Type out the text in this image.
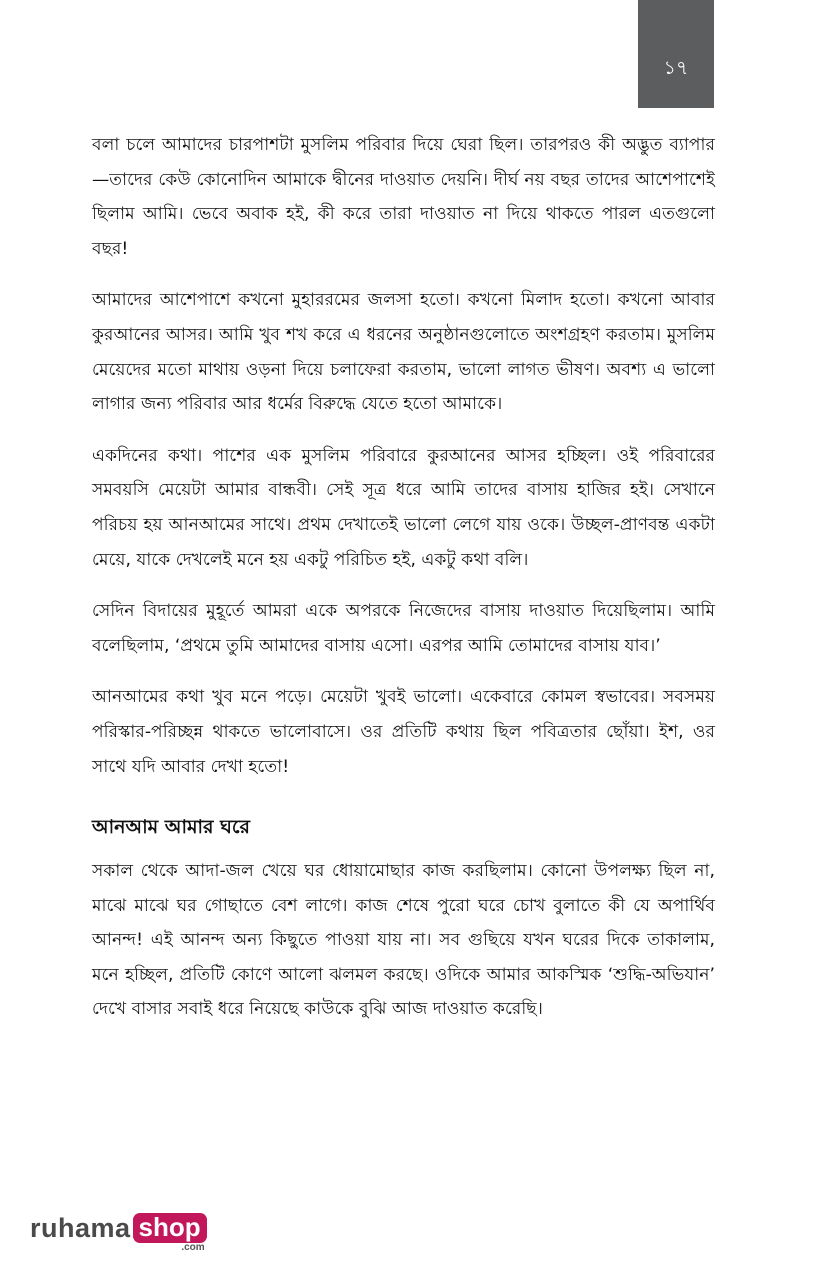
১৭

বলা চলে আমাদের চারপাশটা মুসলিম পরিবার দিয়ে ঘেরা ছিল। তারপরও কী অদ্ভুত ব্যাপার—তাদের কেউ কোনোদিন আমাকে দ্বীনের দাওয়াত দেয়নি। দীর্ঘ নয় বছর তাদের আশেপাশেই ছিলাম আমি। ভেবে অবাক হই, কী করে তারা দাওয়াত না দিয়ে থাকতে পারল এতগুলো বছর!

আমাদের আশেপাশে কখনো মুহাররমের জলসা হতো। কখনো মিলাদ হতো। কখনো আবার কুরআনের আসর। আমি খুব শখ করে এ ধরনের অনুষ্ঠানগুলোতে অংশগ্রহণ করতাম। মুসলিম মেয়েদের মতো মাথায় ওড়না দিয়ে চলাফেরা করতাম, ভালো লাগত ভীষণ। অবশ্য এ ভালো লাগার জন্য পরিবার আর ধর্মের বিরুদ্ধে যেতে হতো আমাকে।

একদিনের কথা। পাশের এক মুসলিম পরিবারে কুরআনের আসর হচ্ছিল। ওই পরিবারের সমবয়সি মেয়েটা আমার বান্ধবী। সেই সূত্র ধরে আমি তাদের বাসায় হাজির হই। সেখানে পরিচয় হয় আনআমের সাথে। প্রথম দেখাতেই ভালো লেগে যায় ওকে। উচ্ছল-প্রাণবন্ত একটা মেয়ে, যাকে দেখলেই মনে হয় একটু পরিচিত হই, একটু কথা বলি।

সেদিন বিদায়ের মুহূর্তে আমরা একে অপরকে নিজেদের বাসায় দাওয়াত দিয়েছিলাম। আমি বলেছিলাম, ‘প্রথমে তুমি আমাদের বাসায় এসো। এরপর আমি তোমাদের বাসায় যাব।’

আনআমের কথা খুব মনে পড়ে। মেয়েটা খুবই ভালো। একেবারে কোমল স্বভাবের। সবসময় পরিস্কার-পরিচ্ছন্ন থাকতে ভালোবাসে। ওর প্রতিটি কথায় ছিল পবিত্রতার ছোঁয়া। ইশ, ওর সাথে যদি আবার দেখা হতো!

আনআম আমার ঘরে

সকাল থেকে আদা-জল খেয়ে ঘর ধোয়ামোছার কাজ করছিলাম। কোনো উপলক্ষ্য ছিল না, মাঝে মাঝে ঘর গোছাতে বেশ লাগে। কাজ শেষে পুরো ঘরে চোখ বুলাতে কী যে অপার্থিব আনন্দ! এই আনন্দ অন্য কিছুতে পাওয়া যায় না। সব গুছিয়ে যখন ঘরের দিকে তাকালাম, মনে হচ্ছিল, প্রতিটি কোণে আলো ঝলমল করছে। ওদিকে আমার আকস্মিক ‘শুদ্ধি-অভিযান’ দেখে বাসার সবাই ধরে নিয়েছে কাউকে বুঝি আজ দাওয়াত করেছি।

ruhama shop
.com
